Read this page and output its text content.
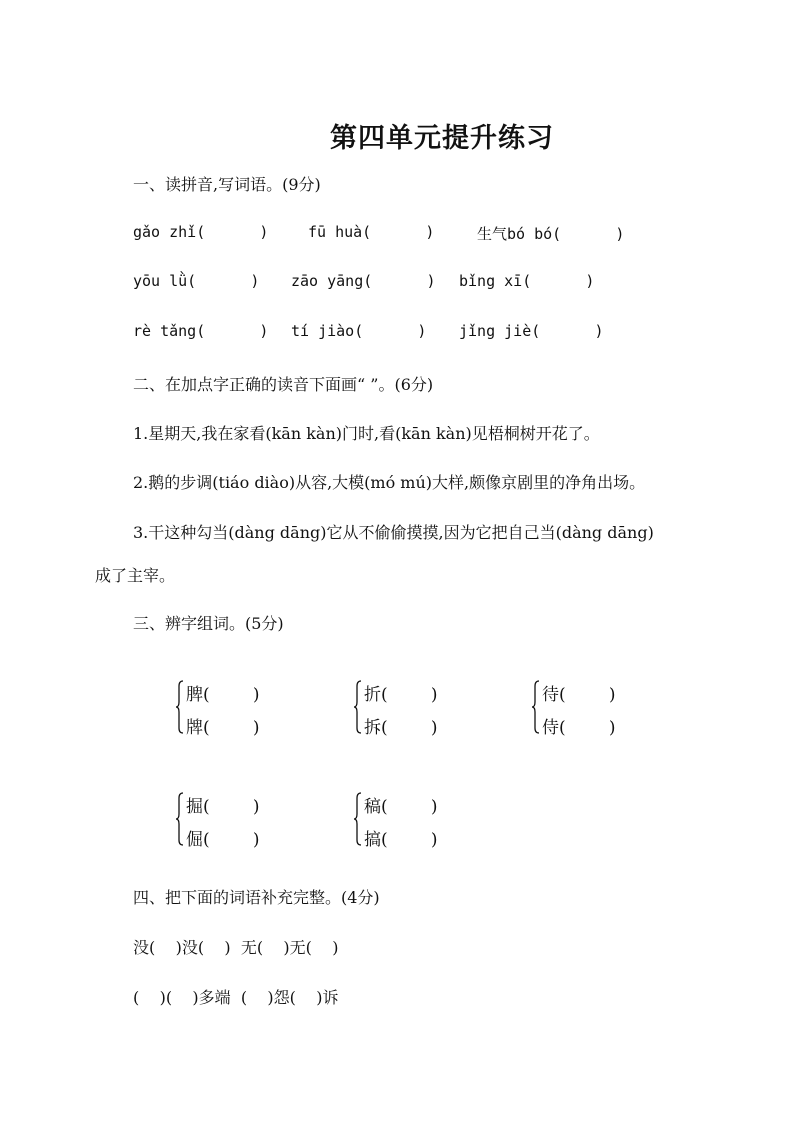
第四单元提升练习
一、读拼音,写词语。(9分)
gǎo zhǐ(      )	fū huà(      )	生气bó bó(      )
yōu lǜ(      ) zāo yāng(      ) bǐng xī(      )
rè tǎng(      ) tí jiào(      ) jǐng jiè(      )
二、在加点字正确的读音下面画“ ”。(6分)
1.星期天,我在家看(kān kàn)门时,看(kān kàn)见梧桐树开花了。
2.鹅的步调(tiáo diào)从容,大模(mó mú)大样,颇像京剧里的净角出场。
3.干这种勾当(dàng dāng)它从不偷偷摸摸,因为它把自己当(dàng dāng)
成了主宰。
三、辨字组词。(5分)
脾(        )
牌(        )
折(        )
拆(        )
待(        )
侍(        )
掘(        )
倔(        )
稿(        )
搞(        )
四、把下面的词语补充完整。(4分)
没(    )没(    )  无(    )无(    )
(    )(    )多端  (    )怨(    )诉
